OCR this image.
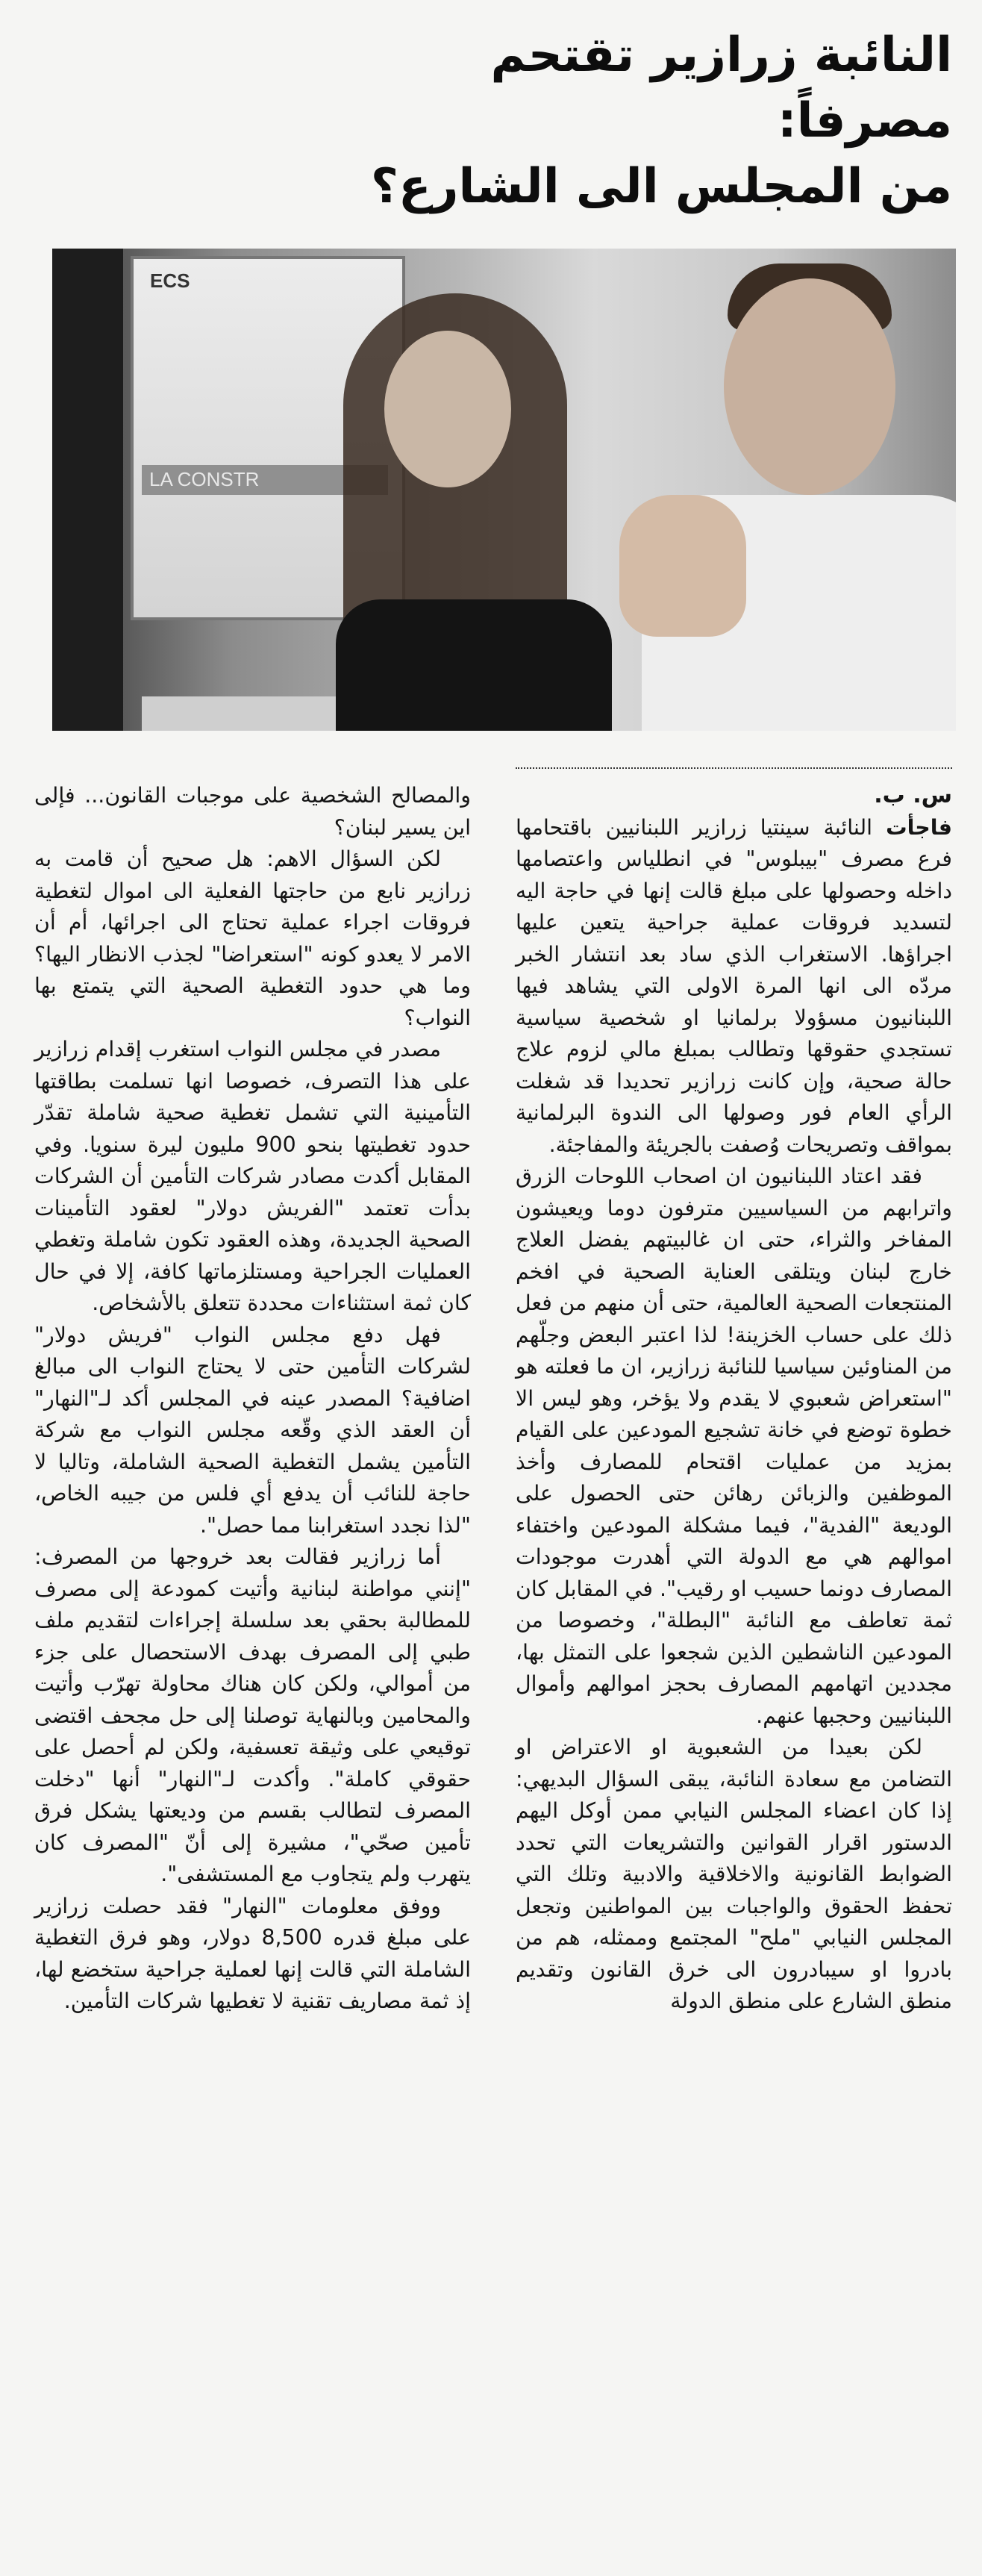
النائبة زرازير تقتحم مصرفاً:
من المجلس الى الشارع؟
ECS
LA CONSTR

س. ب.

فاجأت النائبة سينتيا زرازير اللبنانيين باقتحامها فرع مصرف "بيبلوس" في انطلياس واعتصامها داخله وحصولها على مبلغ قالت إنها في حاجة اليه لتسديد فروقات عملية جراحية يتعين عليها اجراؤها. الاستغراب الذي ساد بعد انتشار الخبر مردّه الى انها المرة الاولى التي يشاهد فيها اللبنانيون مسؤولا برلمانيا او شخصية سياسية تستجدي حقوقها وتطالب بمبلغ مالي لزوم علاج حالة صحية، وإن كانت زرازير تحديدا قد شغلت الرأي العام فور وصولها الى الندوة البرلمانية بمواقف وتصريحات وُصفت بالجريئة والمفاجئة.

فقد اعتاد اللبنانيون ان اصحاب اللوحات الزرق واترابهم من السياسيين مترفون دوما ويعيشون المفاخر والثراء، حتى ان غالبيتهم يفضل العلاج خارج لبنان ويتلقى العناية الصحية في افخم المنتجعات الصحية العالمية، حتى أن منهم من فعل ذلك على حساب الخزينة! لذا اعتبر البعض وجلّهم من المناوئين سياسيا للنائبة زرازير، ان ما فعلته هو "استعراض شعبوي لا يقدم ولا يؤخر، وهو ليس الا خطوة توضع في خانة تشجيع المودعين على القيام بمزيد من عمليات اقتحام للمصارف وأخذ الموظفين والزبائن رهائن حتى الحصول على الوديعة "الفدية"، فيما مشكلة المودعين واختفاء اموالهم هي مع الدولة التي أهدرت موجودات المصارف دونما حسيب او رقيب". في المقابل كان ثمة تعاطف مع النائبة "البطلة"، وخصوصا من المودعين الناشطين الذين شجعوا على التمثل بها، مجددين اتهامهم المصارف بحجز اموالهم وأموال اللبنانيين وحجبها عنهم.

لكن بعيدا من الشعبوية او الاعتراض او التضامن مع سعادة النائبة، يبقى السؤال البديهي: إذا كان اعضاء المجلس النيابي ممن أوكل اليهم الدستور اقرار القوانين والتشريعات التي تحدد الضوابط القانونية والاخلاقية والادبية وتلك التي تحفظ الحقوق والواجبات بين المواطنين وتجعل المجلس النيابي "ملح" المجتمع وممثله، هم من بادروا او سيبادرون الى خرق القانون وتقديم منطق الشارع على منطق الدولة

والمصالح الشخصية على موجبات القانون... فإلى اين يسير لبنان؟

لكن السؤال الاهم: هل صحيح أن قامت به زرازير نابع من حاجتها الفعلية الى اموال لتغطية فروقات اجراء عملية تحتاج الى اجرائها، أم أن الامر لا يعدو كونه "استعراضا" لجذب الانظار اليها؟ وما هي حدود التغطية الصحية التي يتمتع بها النواب؟

مصدر في مجلس النواب استغرب إقدام زرازير على هذا التصرف، خصوصا انها تسلمت بطاقتها التأمينية التي تشمل تغطية صحية شاملة تقدّر حدود تغطيتها بنحو 900 مليون ليرة سنويا. وفي المقابل أكدت مصادر شركات التأمين أن الشركات بدأت تعتمد "الفريش دولار" لعقود التأمينات الصحية الجديدة، وهذه العقود تكون شاملة وتغطي العمليات الجراحية ومستلزماتها كافة، إلا في حال كان ثمة استثناءات محددة تتعلق بالأشخاص.

فهل دفع مجلس النواب "فريش دولار" لشركات التأمين حتى لا يحتاج النواب الى مبالغ اضافية؟ المصدر عينه في المجلس أكد لـ"النهار" أن العقد الذي وقّعه مجلس النواب مع شركة التأمين يشمل التغطية الصحية الشاملة، وتاليا لا حاجة للنائب أن يدفع أي فلس من جيبه الخاص، "لذا نجدد استغرابنا مما حصل".

أما زرازير فقالت بعد خروجها من المصرف: "إنني مواطنة لبنانية وأتيت كمودعة إلى مصرف للمطالبة بحقي بعد سلسلة إجراءات لتقديم ملف طبي إلى المصرف بهدف الاستحصال على جزء من أموالي، ولكن كان هناك محاولة تهرّب وأتيت والمحامين وبالنهاية توصلنا إلى حل مجحف اقتضى توقيعي على وثيقة تعسفية، ولكن لم أحصل على حقوقي كاملة". وأكدت لـ"النهار" أنها "دخلت المصرف لتطالب بقسم من وديعتها يشكل فرق تأمين صحّي"، مشيرة إلى أنّ "المصرف كان يتهرب ولم يتجاوب مع المستشفى".

ووفق معلومات "النهار" فقد حصلت زرازير على مبلغ قدره 8,500 دولار، وهو فرق التغطية الشاملة التي قالت إنها لعملية جراحية ستخضع لها، إذ ثمة مصاريف تقنية لا تغطيها شركات التأمين.
